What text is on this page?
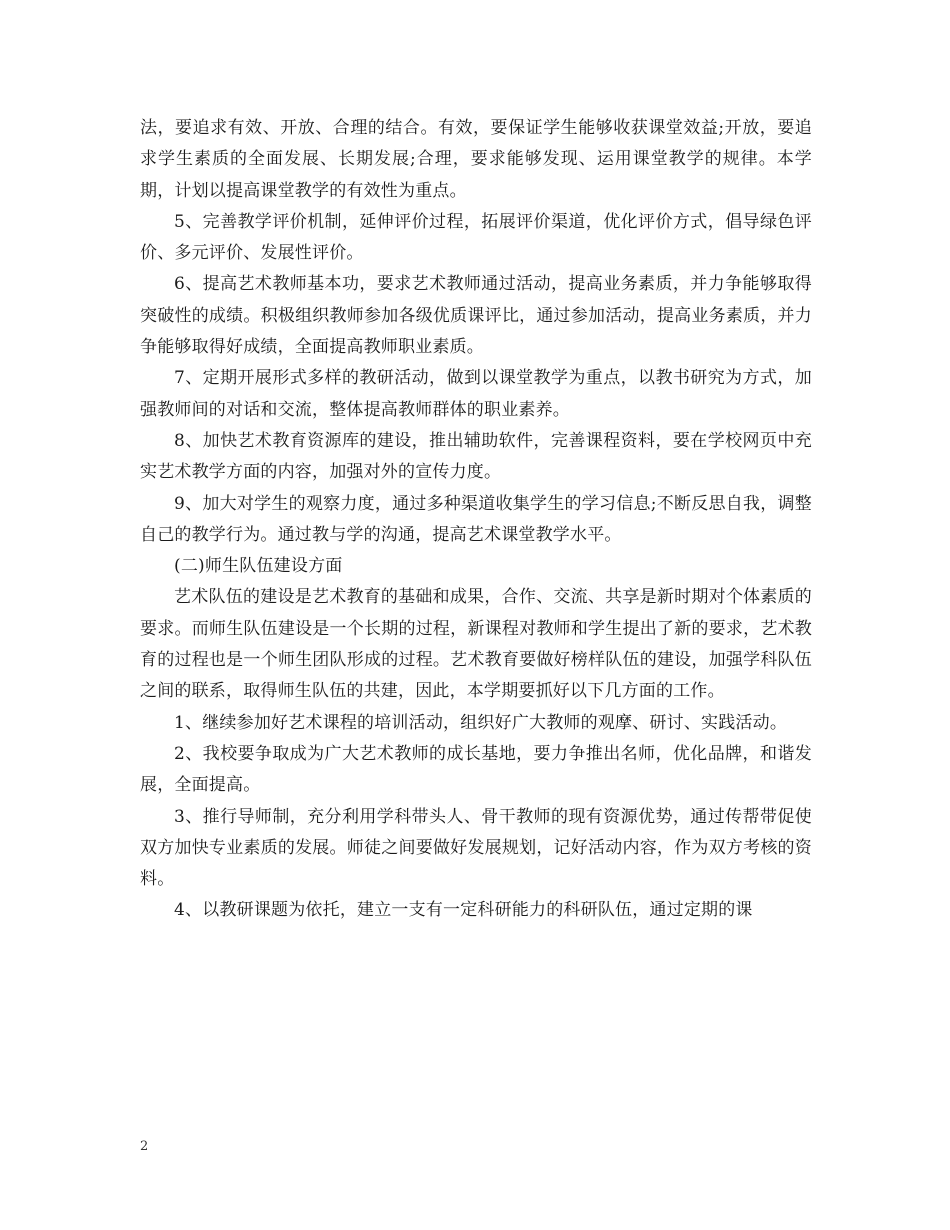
法，要追求有效、开放、合理的结合。有效，要保证学生能够收获课堂效益;开放，要追求学生素质的全面发展、长期发展;合理，要求能够发现、运用课堂教学的规律。本学期，计划以提高课堂教学的有效性为重点。

5、完善教学评价机制，延伸评价过程，拓展评价渠道，优化评价方式，倡导绿色评价、多元评价、发展性评价。

6、提高艺术教师基本功，要求艺术教师通过活动，提高业务素质，并力争能够取得突破性的成绩。积极组织教师参加各级优质课评比，通过参加活动，提高业务素质，并力争能够取得好成绩，全面提高教师职业素质。

7、定期开展形式多样的教研活动，做到以课堂教学为重点，以教书研究为方式，加强教师间的对话和交流，整体提高教师群体的职业素养。

8、加快艺术教育资源库的建设，推出辅助软件，完善课程资料，要在学校网页中充实艺术教学方面的内容，加强对外的宣传力度。

9、加大对学生的观察力度，通过多种渠道收集学生的学习信息;不断反思自我，调整自己的教学行为。通过教与学的沟通，提高艺术课堂教学水平。

(二)师生队伍建设方面

艺术队伍的建设是艺术教育的基础和成果，合作、交流、共享是新时期对个体素质的要求。而师生队伍建设是一个长期的过程，新课程对教师和学生提出了新的要求，艺术教育的过程也是一个师生团队形成的过程。艺术教育要做好榜样队伍的建设，加强学科队伍之间的联系，取得师生队伍的共建，因此，本学期要抓好以下几方面的工作。

1、继续参加好艺术课程的培训活动，组织好广大教师的观摩、研讨、实践活动。

2、我校要争取成为广大艺术教师的成长基地，要力争推出名师，优化品牌，和谐发展，全面提高。

3、推行导师制，充分利用学科带头人、骨干教师的现有资源优势，通过传帮带促使双方加快专业素质的发展。师徒之间要做好发展规划，记好活动内容，作为双方考核的资料。

4、以教研课题为依托，建立一支有一定科研能力的科研队伍，通过定期的课

2
